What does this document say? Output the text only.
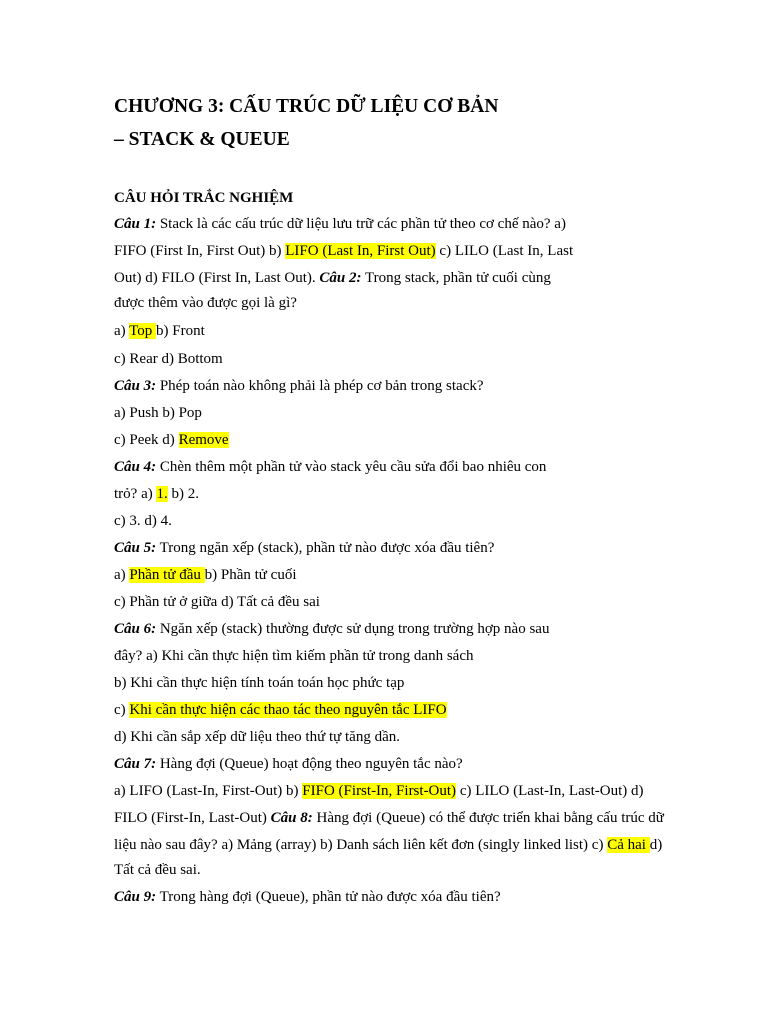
CHƯƠNG 3: CẤU TRÚC DỮ LIỆU CƠ BẢN
– STACK & QUEUE
CÂU HỎI TRẮC NGHIỆM
Câu 1: Stack là các cấu trúc dữ liệu lưu trữ các phần tử theo cơ chế nào? a)
FIFO (First In, First Out) b) LIFO (Last In, First Out) c) LILO (Last In, Last
Out) d) FILO (First In, Last Out). Câu 2: Trong stack, phần tử cuối cùng
được thêm vào được gọi là gì?
a) Top b) Front
c) Rear d) Bottom
Câu 3: Phép toán nào không phải là phép cơ bản trong stack?
a) Push b) Pop
c) Peek d) Remove
Câu 4: Chèn thêm một phần tử vào stack yêu cầu sửa đổi bao nhiêu con
trỏ? a) 1. b) 2.
c) 3. d) 4.
Câu 5: Trong ngăn xếp (stack), phần tử nào được xóa đầu tiên?
a) Phần tử đầu b) Phần tử cuối
c) Phần tử ở giữa d) Tất cả đều sai
Câu 6: Ngăn xếp (stack) thường được sử dụng trong trường hợp nào sau
đây? a) Khi cần thực hiện tìm kiếm phần tử trong danh sách
b) Khi cần thực hiện tính toán toán học phức tạp
c) Khi cần thực hiện các thao tác theo nguyên tắc LIFO
d) Khi cần sắp xếp dữ liệu theo thứ tự tăng dần.
Câu 7: Hàng đợi (Queue) hoạt động theo nguyên tắc nào?
a) LIFO (Last-In, First-Out) b) FIFO (First-In, First-Out) c) LILO (Last-In, Last-Out) d)
FILO (First-In, Last-Out) Câu 8: Hàng đợi (Queue) có thể được triển khai bằng cấu trúc dữ
liệu nào sau đây? a) Mảng (array) b) Danh sách liên kết đơn (singly linked list) c) Cả hai d)
Tất cả đều sai.
Câu 9: Trong hàng đợi (Queue), phần tử nào được xóa đầu tiên?
